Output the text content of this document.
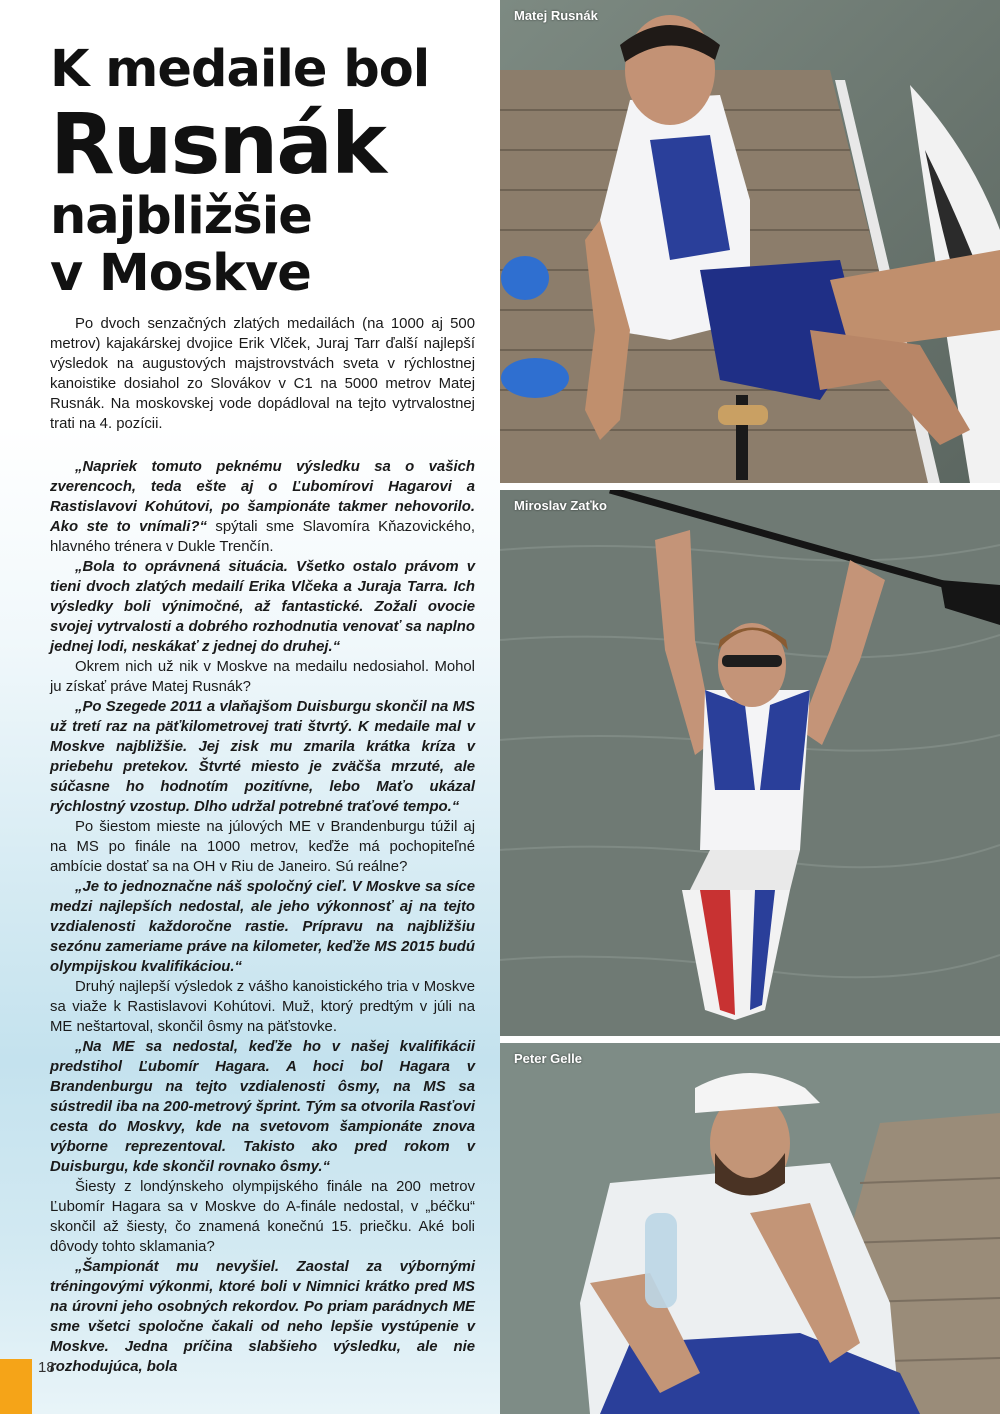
K medaile bol
Rusnák
najbližšie
v Moskve

Po dvoch senzačných zlatých medailách (na 1000 aj 500 metrov) kajakárskej dvojice Erik Vlček, Juraj Tarr ďalší najlepší výsledok na augustových majstrovstvách sveta v rýchlostnej kanoistike dosiahol zo Slovákov v C1 na 5000 metrov Matej Rusnák. Na moskovskej vode dopádloval na tejto vytrvalostnej trati na 4. pozícii.

„Napriek tomuto peknému výsledku sa o vašich zverencoch, teda ešte aj o Ľubomírovi Hagarovi a Rastislavovi Kohútovi, po šampionáte takmer nehovorilo. Ako ste to vnímali?“ spýtali sme Slavomíra Kňazovického, hlavného trénera v Dukle Trenčín.

„Bola to oprávnená situácia. Všetko ostalo právom v tieni dvoch zlatých medailí Erika Vlčeka a Juraja Tarra. Ich výsledky boli výnimočné, až fantastické. Zožali ovocie svojej vytrvalosti a dobrého rozhodnutia venovať sa naplno jednej lodi, neskákať z jednej do druhej.“

Okrem nich už nik v Moskve na medailu nedosiahol. Mohol ju získať práve Matej Rusnák?

„Po Szegede 2011 a vlaňajšom Duisburgu skončil na MS už tretí raz na päťkilometrovej trati štvrtý. K medaile mal v Moskve najbližšie. Jej zisk mu zmarila krátka kríza v priebehu pretekov. Štvrté miesto je zväčša mrzuté, ale súčasne ho hodnotím pozitívne, lebo Maťo ukázal rýchlostný vzostup. Dlho udržal potrebné traťové tempo.“

Po šiestom mieste na júlových ME v Brandenburgu túžil aj na MS po finále na 1000 metrov, keďže má pochopiteľné ambície dostať sa na OH v Riu de Janeiro. Sú reálne?

„Je to jednoznačne náš spoločný cieľ. V Moskve sa síce medzi najlepších nedostal, ale jeho výkonnosť aj na tejto vzdialenosti každoročne rastie. Prípravu na najbližšiu sezónu zameriame práve na kilometer, keďže MS 2015 budú olympijskou kvalifikáciou.“

Druhý najlepší výsledok z vášho kanoistického tria v Moskve sa viaže k Rastislavovi Kohútovi. Muž, ktorý predtým v júli na ME neštartoval, skončil ôsmy na päťstovke.

„Na ME sa nedostal, keďže ho v našej kvalifikácii predstihol Ľubomír Hagara. A hoci bol Hagara v Brandenburgu na tejto vzdialenosti ôsmy, na MS sa sústredil iba na 200-metrový šprint. Tým sa otvorila Rasťovi cesta do Moskvy, kde na svetovom šampionáte znova výborne reprezentoval. Takisto ako pred rokom v Duisburgu, kde skončil rovnako ôsmy.“

Šiesty z londýnskeho olympijského finále na 200 metrov Ľubomír Hagara sa v Moskve do A-finále nedostal, v „béčku“ skončil až šiesty, čo znamená konečnú 15. priečku. Aké boli dôvody tohto sklamania?

„Šampionát mu nevyšiel. Zaostal za výbornými tréningovými výkonmi, ktoré boli v Nimnici krátko pred MS na úrovni jeho osobných rekordov. Po priam parádnych ME sme všetci spoločne čakali od neho lepšie vystúpenie v Moskve. Jedna príčina slabšieho výsledku, ale nie rozhodujúca, bola

18
Matej Rusnák
Miroslav Zaťko
Peter Gelle
